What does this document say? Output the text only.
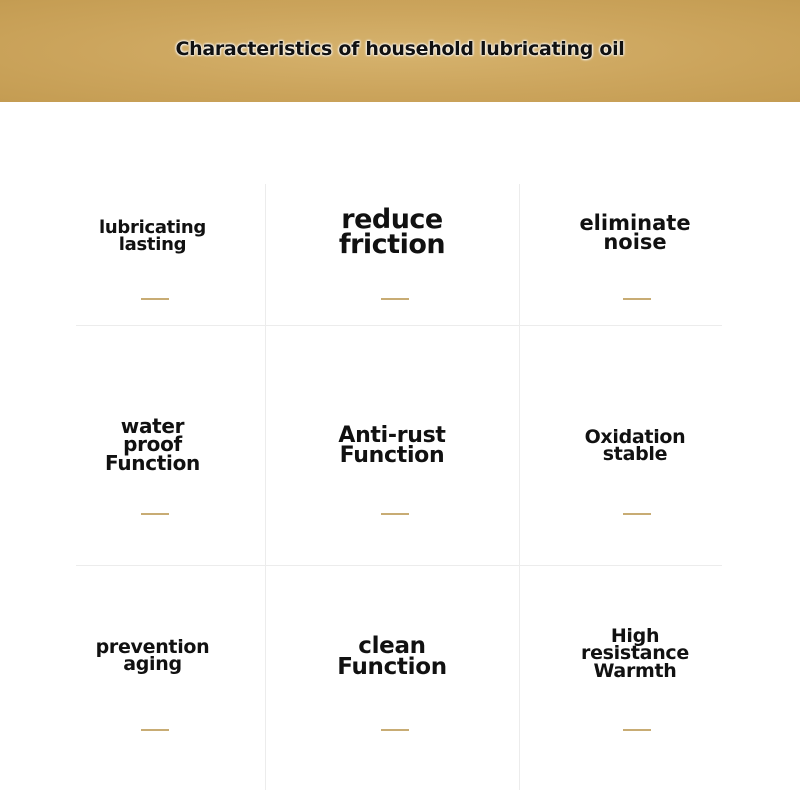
Characteristics of household lubricating oil
lubricating
lasting
reduce
friction
eliminate
noise
water
proof
Function
Anti-rust
Function
Oxidation
stable
prevention
aging
clean
Function
High
resistance
Warmth
